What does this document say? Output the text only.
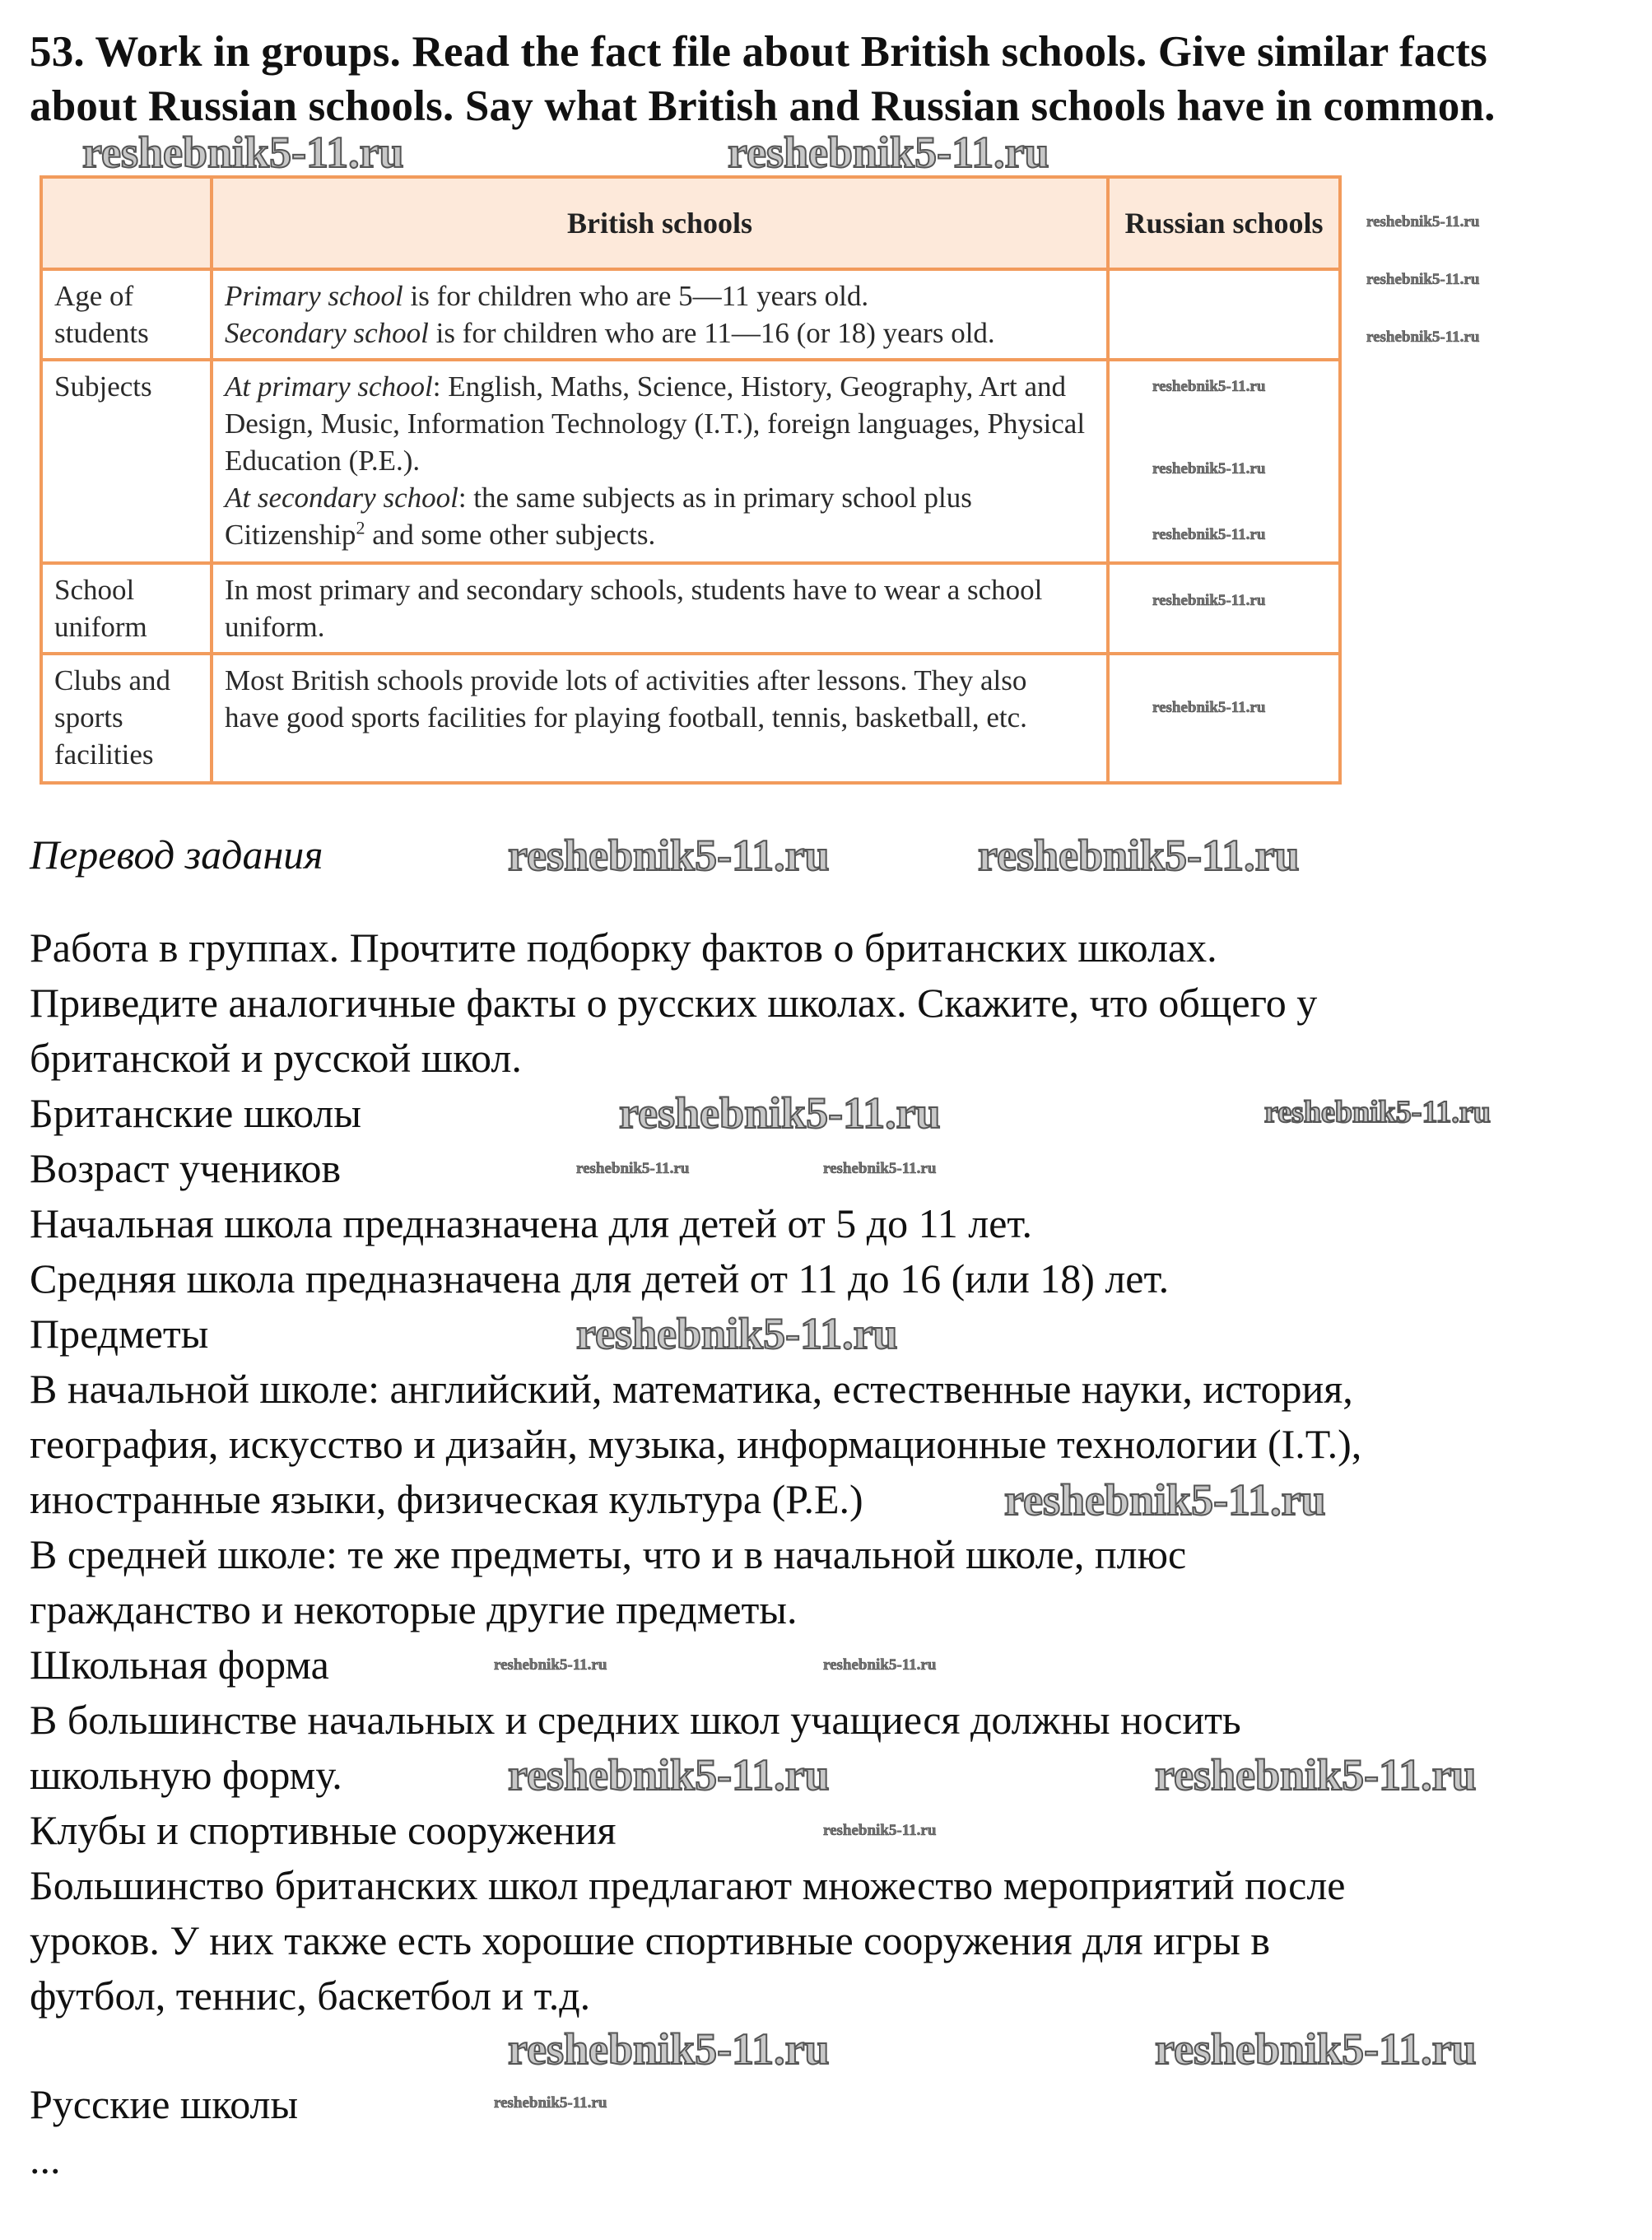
53. Work in groups. Read the fact file about British schools. Give similar facts
about Russian schools. Say what British and Russian schools have in common.
	British schools	Russian schools
Age of students	Primary school is for children who are 5—11 years old.
Secondary school is for children who are 11—16 (or 18) years old.	

Subjects	At primary school: English, Maths, Science, History, Geography, Art and Design, Music, Information Technology (I.T.), foreign languages, Physical Education (P.E.).
At secondary school: the same subjects as in primary school plus Citizenship$^2$ and some other subjects.	

School uniform	In most primary and secondary schools, students have to wear a school uniform.	
Clubs and sports facilities	Most British schools provide lots of activities after lessons. They also have good sports facilities for playing football, tennis, basketball, etc.	
Перевод задания
Работа в группах. Прочтите подборку фактов о британских школах.
Приведите аналогичные факты о русских школах. Скажите, что общего у
британской и русской школ.
Британские школы
Возраст учеников
Начальная школа предназначена для детей от 5 до 11 лет.
Средняя школа предназначена для детей от 11 до 16 (или 18) лет.
Предметы
В начальной школе: английский, математика, естественные науки, история,
география, искусство и дизайн, музыка, информационные технологии (I.T.),
иностранные языки, физическая культура (P.E.)
В средней школе: те же предметы, что и в начальной школе, плюс
гражданство и некоторые другие предметы.
Школьная форма
В большинстве начальных и средних школ учащиеся должны носить
школьную форму.
Клубы и спортивные сооружения
Большинство британских школ предлагают множество мероприятий после
уроков. У них также есть хорошие спортивные сооружения для игры в
футбол, теннис, баскетбол и т.д.
Русские школы
...
reshebnik5-11.ru	reshebnik5-11.ru
reshebnik5-11.ru	reshebnik5-11.ru
reshebnik5-11.ru
reshebnik5-11.ru
reshebnik5-11.ru
reshebnik5-11.ru	reshebnik5-11.ru
reshebnik5-11.ru	reshebnik5-11.ru
reshebnik5-11.ru
reshebnik5-11.ru
reshebnik5-11.ru
reshebnik5-11.ru
reshebnik5-11.ru
reshebnik5-11.ru
reshebnik5-11.ru
reshebnik5-11.ru
reshebnik5-11.ru
reshebnik5-11.ru	reshebnik5-11.ru
reshebnik5-11.ru	reshebnik5-11.ru
reshebnik5-11.ru
reshebnik5-11.ru
